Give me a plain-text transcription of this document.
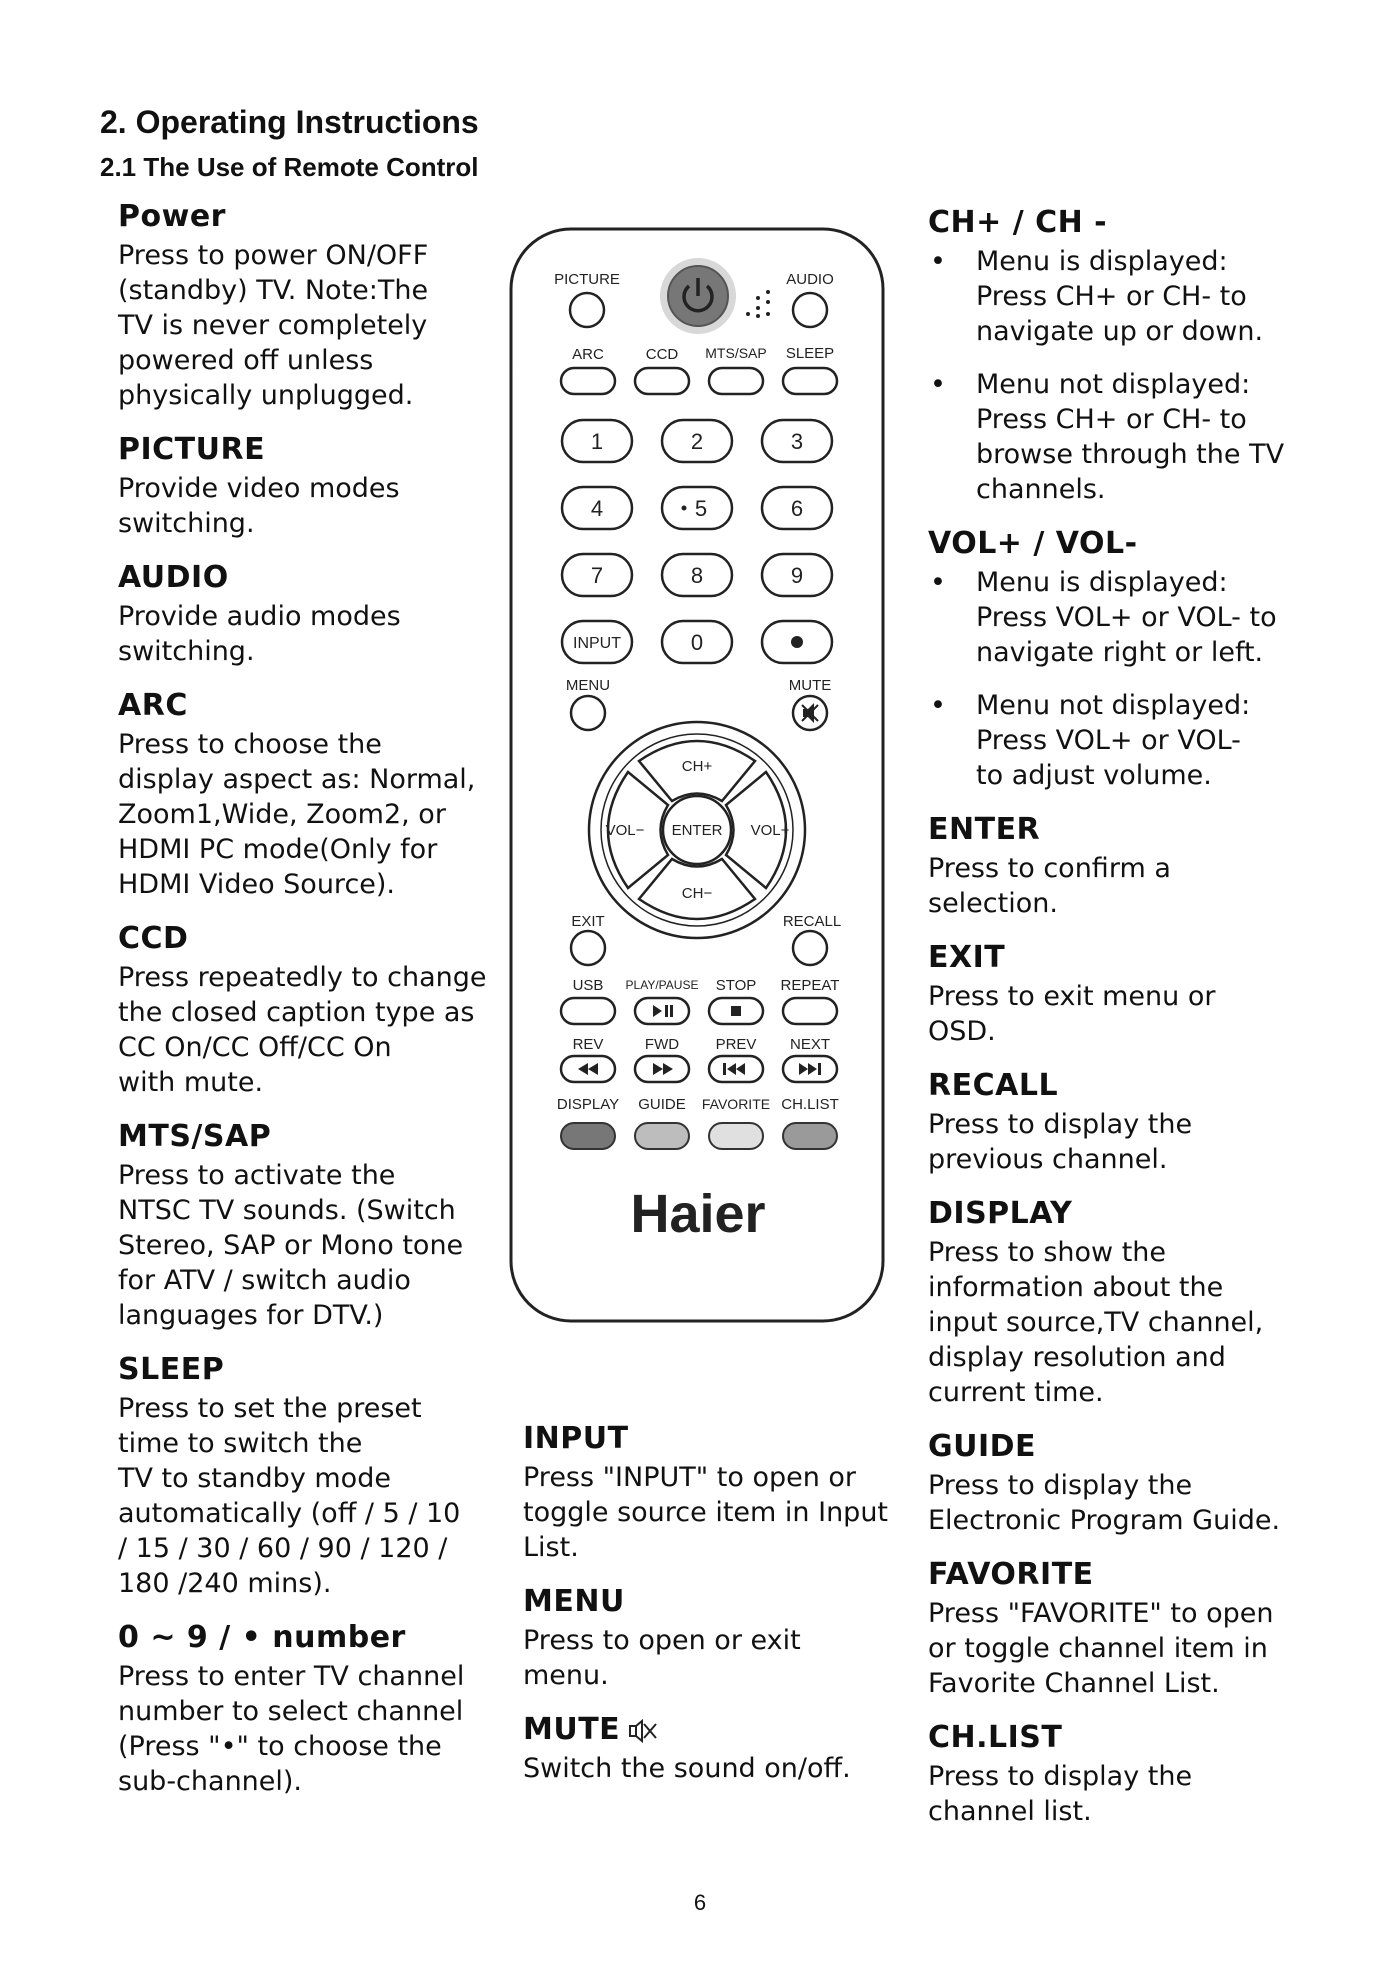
2. Operating Instructions
2.1 The Use of Remote Control

Power

Press to power ON/OFF
(standby) TV. Note:The
TV is never completely
powered off unless
physically unplugged.

PICTURE

Provide video modes
switching.

AUDIO

Provide audio modes
switching.

ARC

Press to choose the
display aspect as: Normal,
Zoom1,Wide, Zoom2, or
HDMI PC mode(Only for
HDMI Video Source).

CCD

Press repeatedly to change
the closed caption type as
CC On/CC Off/CC On
with mute.

MTS/SAP

Press to activate the
NTSC TV sounds. (Switch
Stereo, SAP or Mono tone
for ATV / switch audio
languages for DTV.)

SLEEP

Press to set the preset
time to switch the
TV to standby mode
automatically (off / 5 / 10
/ 15 / 30 / 60 / 90 / 120 /
180 /240 mins).

0 ~ 9 / • number

Press to enter TV channel
number to select channel
(Press "•" to choose the
sub-channel).

PICTURE	AUDIO
ARC	CCD MTS/SAP SLEEP
1	2	3
4	5	6
7	8	9
INPUT	0
MENU	MUTE
CH+
CH−
VOL−	VOL+
ENTER
EXIT	RECALL
USB PLAY/PAUSE STOP REPEAT
REV	FWD PREV NEXT
DISPLAY GUIDE FAVORITE CH.LIST
Haier

INPUT

Press "INPUT" to open or
toggle source item in Input
List.

MENU

Press to open or exit
menu.

MUTE

Switch the sound on/off.

CH+ / CH -

• Menu is displayed:
Press CH+ or CH- to
navigate up or down.
• Menu not displayed:
Press CH+ or CH- to
browse through the TV
channels.

VOL+ / VOL-

• Menu is displayed:
Press VOL+ or VOL- to
navigate right or left.
• Menu not displayed:
Press VOL+ or VOL-
to adjust volume.

ENTER

Press to confirm a
selection.

EXIT

Press to exit menu or
OSD.

RECALL

Press to display the
previous channel.

DISPLAY

Press to show the
information about the
input source,TV channel,
display resolution and
current time.

GUIDE

Press to display the
Electronic Program Guide.

FAVORITE

Press "FAVORITE" to open
or toggle channel item in
Favorite Channel List.

CH.LIST

Press to display the
channel list.

6
